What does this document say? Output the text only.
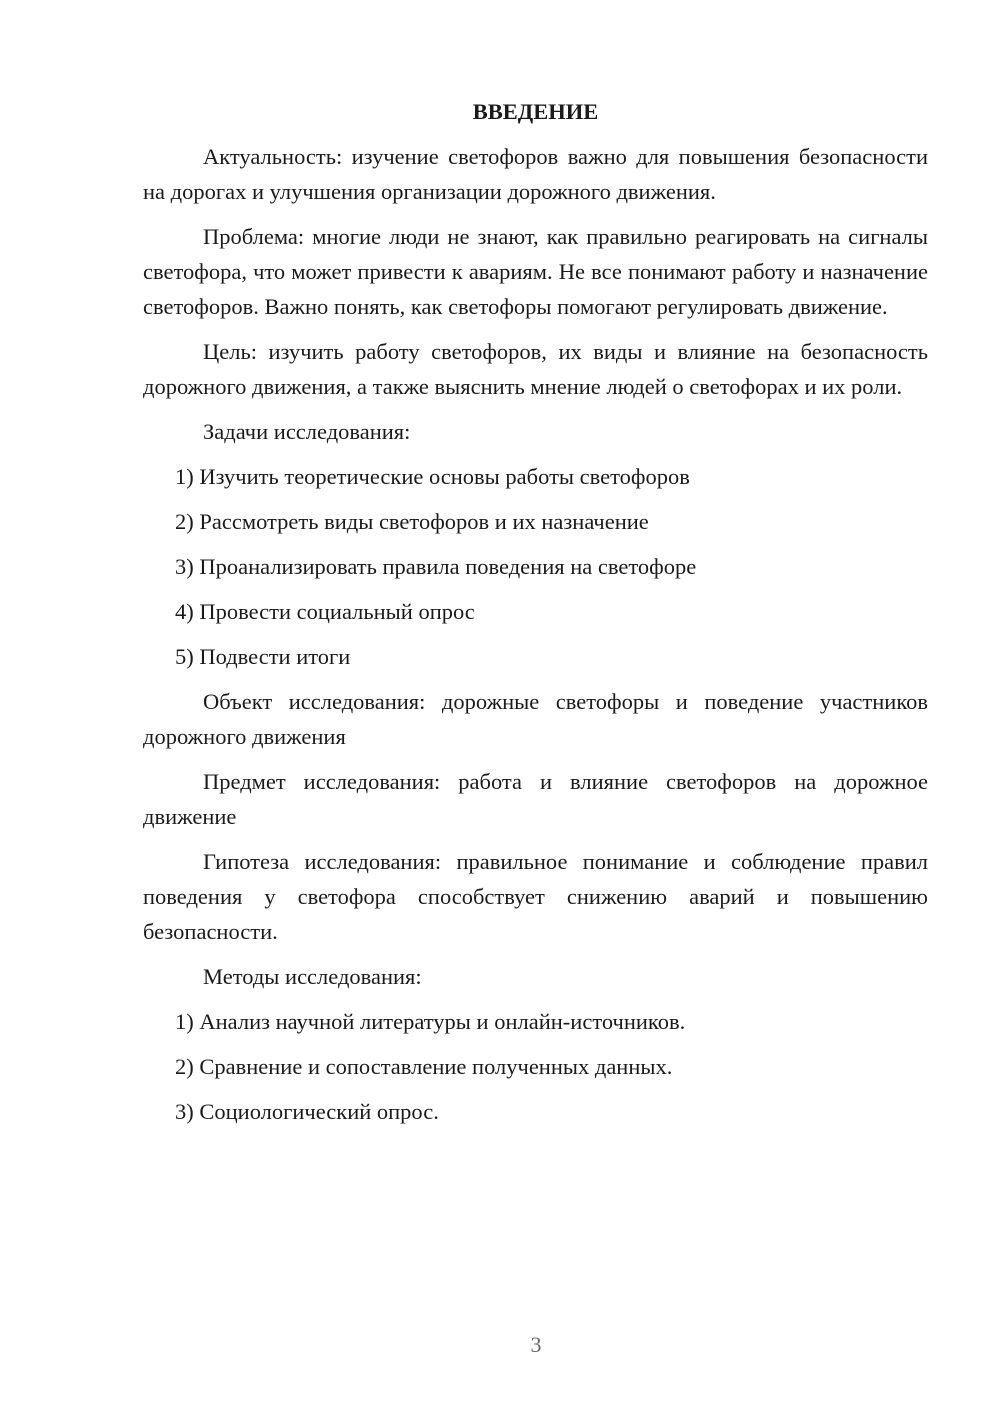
ВВЕДЕНИЕ

Актуальность: изучение светофоров важно для повышения безопасности на дорогах и улучшения организации дорожного движения.

Проблема: многие люди не знают, как правильно реагировать на сигналы светофора, что может привести к авариям. Не все понимают работу и назначение светофоров. Важно понять, как светофоры помогают регулировать движение.

Цель: изучить работу светофоров, их виды и влияние на безопасность дорожного движения, а также выяснить мнение людей о светофорах и их роли.

Задачи исследования:

1) Изучить теоретические основы работы светофоров
2) Рассмотреть виды светофоров и их назначение
3) Проанализировать правила поведения на светофоре
4) Провести социальный опрос
5) Подвести итоги

Объект исследования: дорожные светофоры и поведение участников дорожного движения

Предмет исследования: работа и влияние светофоров на дорожное движение

Гипотеза исследования: правильное понимание и соблюдение правил поведения у светофора способствует снижению аварий и повышению безопасности.

Методы исследования:

1) Анализ научной литературы и онлайн-источников.
2) Сравнение и сопоставление полученных данных.
3) Социологический опрос.
3
